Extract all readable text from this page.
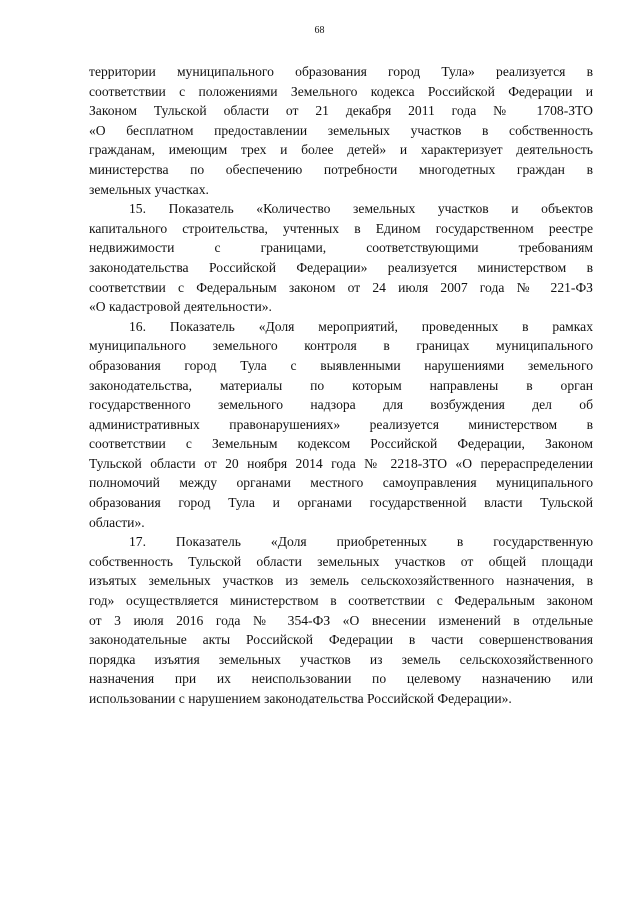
68
территории муниципального образования город Тула» реализуется в
соответствии с положениями Земельного кодекса Российской Федерации и
Законом Тульской области от 21 декабря 2011 года № 1708-ЗТО
«О бесплатном предоставлении земельных участков в собственность
гражданам, имеющим трех и более детей» и характеризует деятельность
министерства по обеспечению потребности многодетных граждан в
земельных участках.
15. Показатель «Количество земельных участков и объектов
капитального строительства, учтенных в Едином государственном реестре
недвижимости с границами, соответствующими требованиям
законодательства Российской Федерации» реализуется министерством в
соответствии с Федеральным законом от 24 июля 2007 года № 221-ФЗ
«О кадастровой деятельности».
16. Показатель «Доля мероприятий, проведенных в рамках
муниципального земельного контроля в границах муниципального
образования город Тула с выявленными нарушениями земельного
законодательства, материалы по которым направлены в орган
государственного земельного надзора для возбуждения дел об
административных правонарушениях» реализуется министерством в
соответствии с Земельным кодексом Российской Федерации, Законом
Тульской области от 20 ноября 2014 года № 2218-ЗТО «О перераспределении
полномочий между органами местного самоуправления муниципального
образования город Тула и органами государственной власти Тульской
области».
17. Показатель «Доля приобретенных в государственную
собственность Тульской области земельных участков от общей площади
изъятых земельных участков из земель сельскохозяйственного назначения, в
год» осуществляется министерством в соответствии с Федеральным законом
от 3 июля 2016 года № 354-ФЗ «О внесении изменений в отдельные
законодательные акты Российской Федерации в части совершенствования
порядка изъятия земельных участков из земель сельскохозяйственного
назначения при их неиспользовании по целевому назначению или
использовании с нарушением законодательства Российской Федерации».
